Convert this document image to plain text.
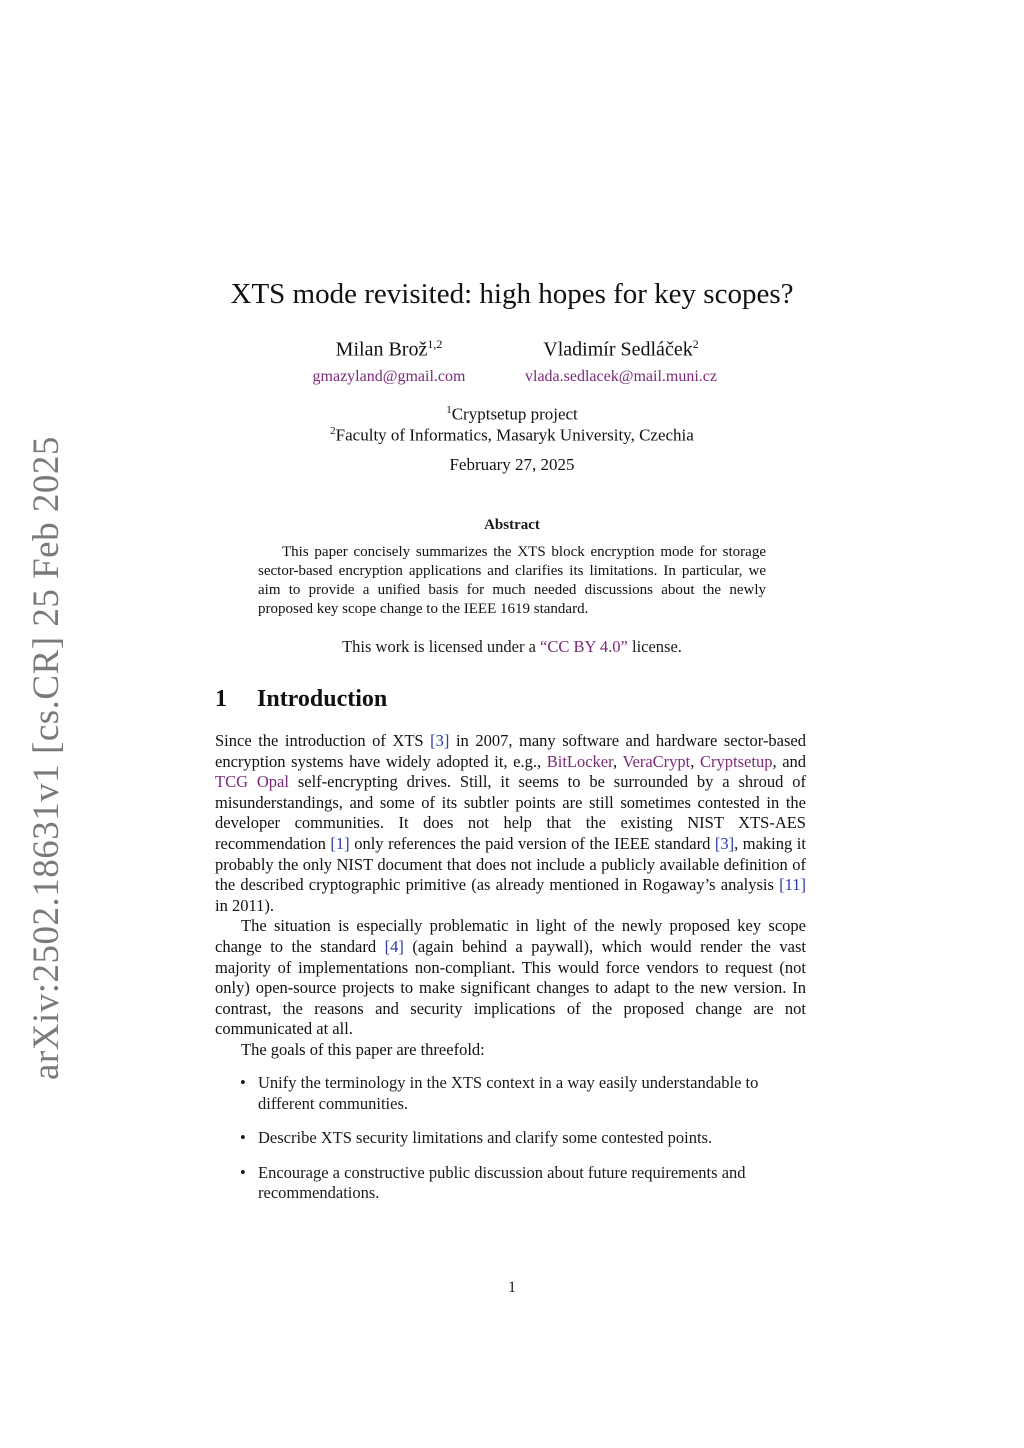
arXiv:2502.18631v1 [cs.CR] 25 Feb 2025
XTS mode revisited: high hopes for key scopes?
Milan Brož$^{1,2}$
gmazyland@gmail.com
Vladimír Sedláček$^2$
vlada.sedlacek@mail.muni.cz
$^1$Cryptsetup project
$^2$Faculty of Informatics, Masaryk University, Czechia
February 27, 2025
Abstract
This paper concisely summarizes the XTS block encryption mode for storage sector-based encryption applications and clarifies its limitations. In particular, we aim to provide a unified basis for much needed discussions about the newly proposed key scope change to the IEEE 1619 standard.
This work is licensed under a “CC BY 4.0” license.
1 Introduction

Since the introduction of XTS [3] in 2007, many software and hardware sector-based encryption systems have widely adopted it, e.g., BitLocker, VeraCrypt, Cryptsetup, and TCG Opal self-encrypting drives. Still, it seems to be surrounded by a shroud of misunderstandings, and some of its subtler points are still sometimes contested in the developer communities. It does not help that the existing NIST XTS-AES recommendation [1] only references the paid version of the IEEE standard [3], making it probably the only NIST document that does not include a publicly available definition of the described cryptographic primitive (as already mentioned in Rogaway’s analysis [11] in 2011).

The situation is especially problematic in light of the newly proposed key scope change to the standard [4] (again behind a paywall), which would render the vast majority of implementations non-compliant. This would force vendors to request (not only) open-source projects to make significant changes to adapt to the new version. In contrast, the reasons and security implications of the proposed change are not communicated at all.

The goals of this paper are threefold:

• Unify the terminology in the XTS context in a way easily understandable to different communities.
• Describe XTS security limitations and clarify some contested points.
• Encourage a constructive public discussion about future requirements and recommendations.
1
